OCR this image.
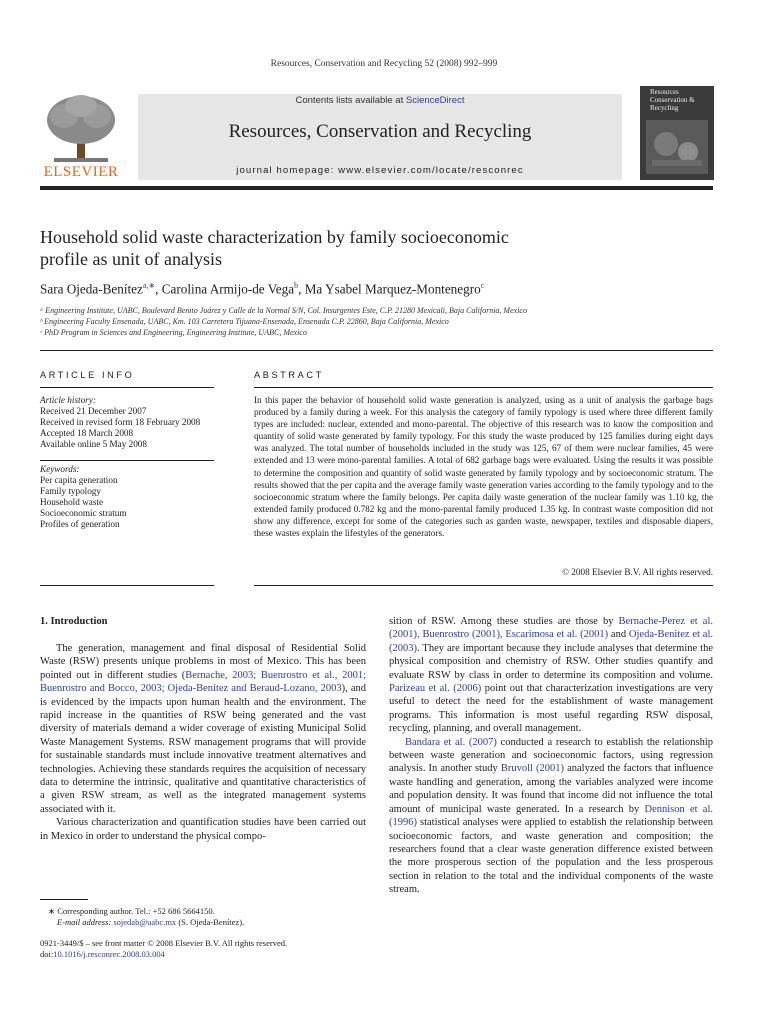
Resources, Conservation and Recycling 52 (2008) 992–999
ELSEVIER
Contents lists available at ScienceDirect
Resources, Conservation and Recycling
journal homepage: www.elsevier.com/locate/resconrec
Resources Conservation & Recycling
Household solid waste characterization by family socioeconomic
profile as unit of analysis
Sara Ojeda-Benítez$^{a,∗}$, Carolina Armijo-de Vega$^b$, Ma Ysabel Marquez-Montenegro$^c$
ᵃ Engineering Institute, UABC, Boulevard Benito Juárez y Calle de la Normal S/N, Col. Insurgentes Este, C.P. 21280 Mexicali, Baja California, Mexico
ᵇ Engineering Faculty Ensenada, UABC, Km. 103 Carretera Tijuana-Ensenada, Ensenada C.P. 22860, Baja California, Mexico
ᶜ PhD Program in Sciences and Engineering, Engineering Institute, UABC, Mexico
ARTICLE INFO
Article history:
Received 21 December 2007
Received in revised form 18 February 2008
Accepted 18 March 2008
Available online 5 May 2008
Keywords:
Per capita generation
Family typology
Household waste
Socioeconomic stratum
Profiles of generation
ABSTRACT
In this paper the behavior of household solid waste generation is analyzed, using as a unit of analysis the garbage bags produced by a family during a week. For this analysis the category of family typology is used where three different family types are included: nuclear, extended and mono-parental. The objective of this research was to know the composition and quantity of solid waste generated by family typology. For this study the waste produced by 125 families during eight days was analyzed. The total number of households included in the study was 125, 67 of them were nuclear families, 45 were extended and 13 were mono-parental families. A total of 682 garbage bags were evaluated. Using the results it was possible to determine the composition and quantity of solid waste generated by family typology and by socioeconomic stratum. The results showed that the per capita and the average family waste generation varies according to the family typology and to the socioeconomic stratum where the family belongs. Per capita daily waste generation of the nuclear family was 1.10 kg, the extended family produced 0.782 kg and the mono-parental family produced 1.35 kg. In contrast waste composition did not show any difference, except for some of the categories such as garden waste, newspaper, textiles and disposable diapers, these wastes explain the lifestyles of the generators.
© 2008 Elsevier B.V. All rights reserved.
1. Introduction

The generation, management and final disposal of Residential Solid Waste (RSW) presents unique problems in most of Mexico. This has been pointed out in different studies (Bernache, 2003; Buenrostro et al., 2001; Buenrostro and Bocco, 2003; Ojeda-Benítez and Beraud-Lozano, 2003), and is evidenced by the impacts upon human health and the environment. The rapid increase in the quantities of RSW being generated and the vast diversity of materials demand a wider coverage of existing Municipal Solid Waste Management Systems. RSW management programs that will provide for sustainable standards must include innovative treatment alternatives and technologies. Achieving these standards requires the acquisition of necessary data to determine the intrinsic, qualitative and quantitative characteristics of a given RSW stream, as well as the integrated management systems associated with it.

Various characterization and quantification studies have been carried out in Mexico in order to understand the physical compo-

sition of RSW. Among these studies are those by Bernache-Perez et al. (2001), Buenrostro (2001), Escarimosa et al. (2001) and Ojeda-Benitez et al. (2003). They are important because they include analyses that determine the physical composition and chemistry of RSW. Other studies quantify and evaluate RSW by class in order to determine its composition and volume. Parizeau et al. (2006) point out that characterization investigations are very useful to detect the need for the establishment of waste management programs. This information is most useful regarding RSW disposal, recycling, planning, and overall management.

Bandara et al. (2007) conducted a research to establish the relationship between waste generation and socioeconomic factors, using regression analysis. In another study Bruvoll (2001) analyzed the factors that influence waste handling and generation, among the variables analyzed were income and population density. It was found that income did not influence the total amount of municipal waste generated. In a research by Dennison et al. (1996) statistical analyses were applied to establish the relationship between socioeconomic factors, and waste generation and composition; the researchers found that a clear waste generation difference existed between the more prosperous section of the population and the less prosperous section in relation to the total and the individual components of the waste stream.

∗ Corresponding author. Tel.: +52 686 5664150.
E-mail address: sojedab@uabc.mx (S. Ojeda-Benítez).
0921-3449/$ – see front matter © 2008 Elsevier B.V. All rights reserved.
doi:10.1016/j.resconrec.2008.03.004
